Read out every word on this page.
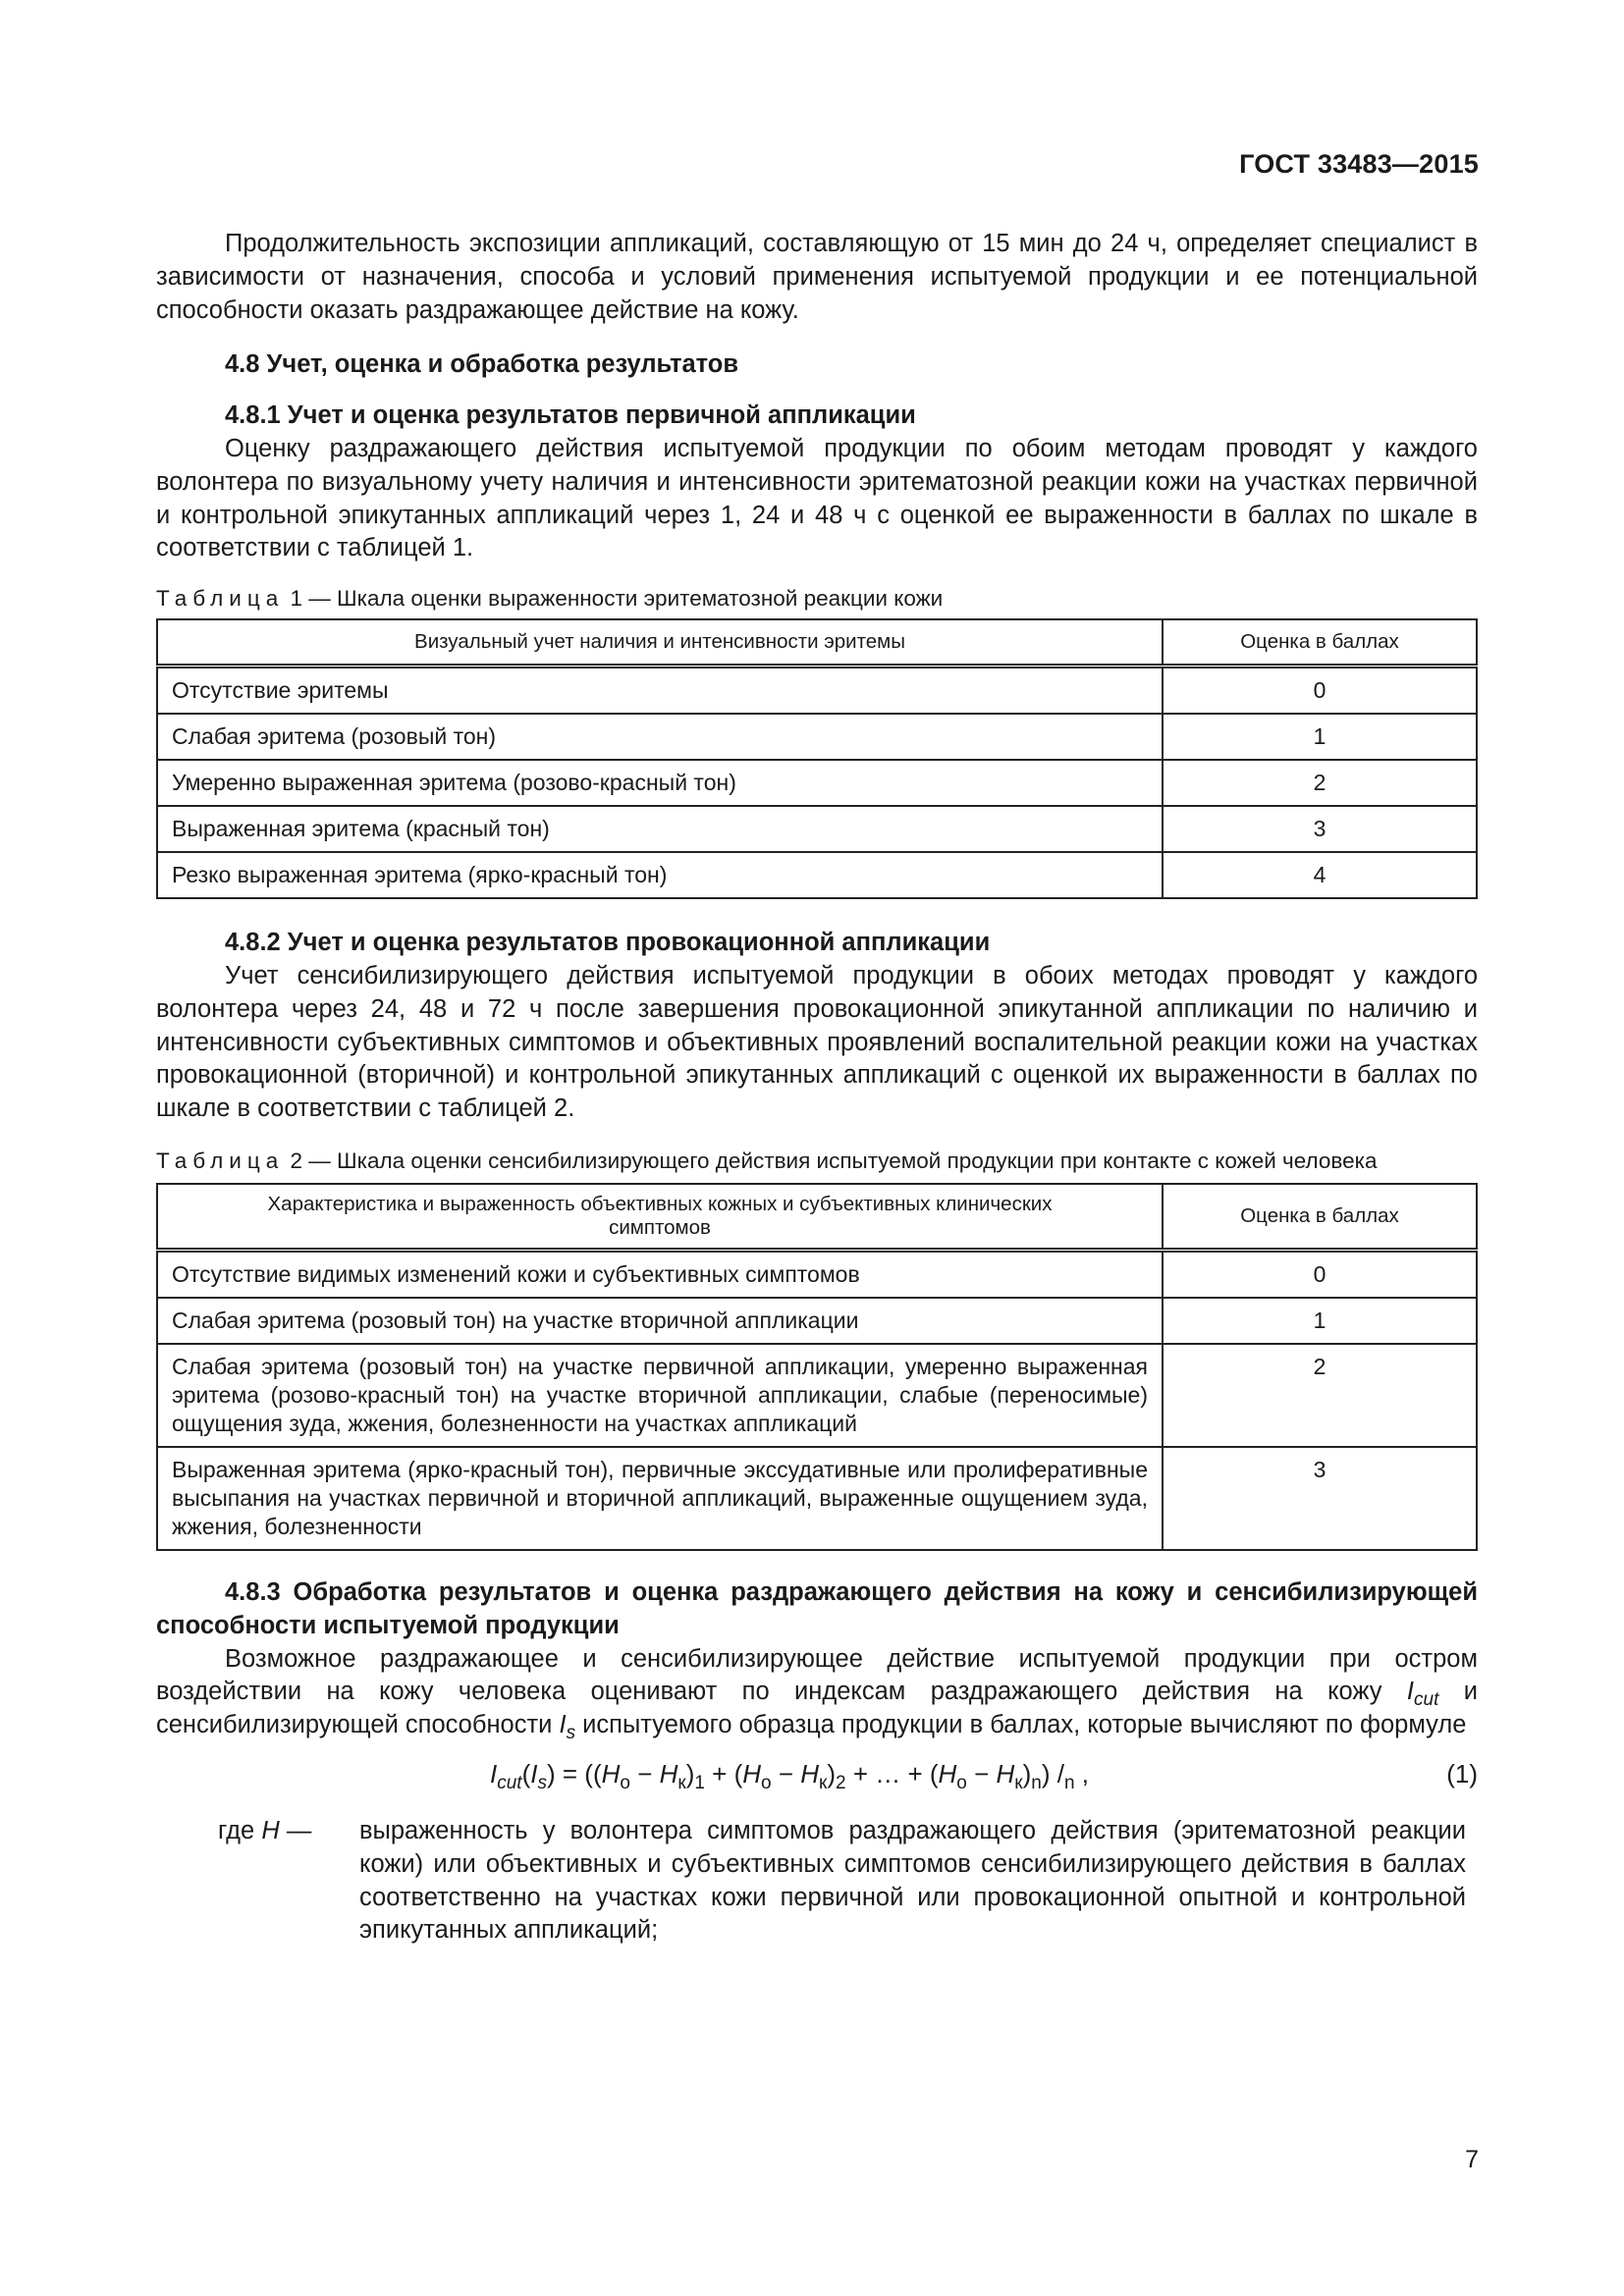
ГОСТ 33483—2015

Продолжительность экспозиции аппликаций, составляющую от 15 мин до 24 ч, определяет специалист в зависимости от назначения, способа и условий применения испытуемой продукции и ее потенциальной способности оказать раздражающее действие на кожу.

4.8 Учет, оценка и обработка результатов

4.8.1 Учет и оценка результатов первичной аппликации

Оценку раздражающего действия испытуемой продукции по обоим методам проводят у каждого волонтера по визуальному учету наличия и интенсивности эритематозной реакции кожи на участках первичной и контрольной эпикутанных аппликаций через 1, 24 и 48 ч с оценкой ее выраженности в баллах по шкале в соответствии с таблицей 1.

Таблица 1 — Шкала оценки выраженности эритематозной реакции кожи

Визуальный учет наличия и интенсивности эритемы	Оценка в баллах
Отсутствие эритемы	0
Слабая эритема (розовый тон)	1
Умеренно выраженная эритема (розово-красный тон)	2
Выраженная эритема (красный тон)	3
Резко выраженная эритема (ярко-красный тон)	4

4.8.2 Учет и оценка результатов провокационной аппликации

Учет сенсибилизирующего действия испытуемой продукции в обоих методах проводят у каждого волонтера через 24, 48 и 72 ч после завершения провокационной эпикутанной аппликации по наличию и интенсивности субъективных симптомов и объективных проявлений воспалительной реакции кожи на участках провокационной (вторичной) и контрольной эпикутанных аппликаций с оценкой их выраженности в баллах по шкале в соответствии с таблицей 2.

Таблица 2 — Шкала оценки сенсибилизирующего действия испытуемой продукции при контакте с кожей человека

Характеристика и выраженность объективных кожных и субъективных клинических симптомов	Оценка в баллах
Отсутствие видимых изменений кожи и субъективных симптомов	0
Слабая эритема (розовый тон) на участке вторичной аппликации	1
Слабая эритема (розовый тон) на участке первичной аппликации, умеренно выраженная эритема (розово-красный тон) на участке вторичной аппликации, слабые (переносимые) ощущения зуда, жжения, болезненности на участках аппликаций	2
Выраженная эритема (ярко-красный тон), первичные экссудативные или пролиферативные высыпания на участках первичной и вторичной аппликаций, выраженные ощущением зуда, жжения, болезненности	3

4.8.3 Обработка результатов и оценка раздражающего действия на кожу и сенсибилизирующей способности испытуемой продукции

Возможное раздражающее и сенсибилизирующее действие испытуемой продукции при остром воздействии на кожу человека оценивают по индексам раздражающего действия на кожу $I_{cut}$ и сенсибилизирующей способности $I_s$ испытуемого образца продукции в баллах, которые вычисляют по формуле

$I_{cut}(I_s) = ((H_о - H_к)_1 + (H_о - H_к)_2$ + … + $(H_о - H_к)_n$) $/_n$ ,	(1)
где H —	выраженность у волонтера симптомов раздражающего действия (эритематозной реакции кожи) или объективных и субъективных симптомов сенсибилизирующего действия в баллах соответственно на участках кожи первичной или провокационной опытной и контрольной эпикутанных аппликаций;
7
